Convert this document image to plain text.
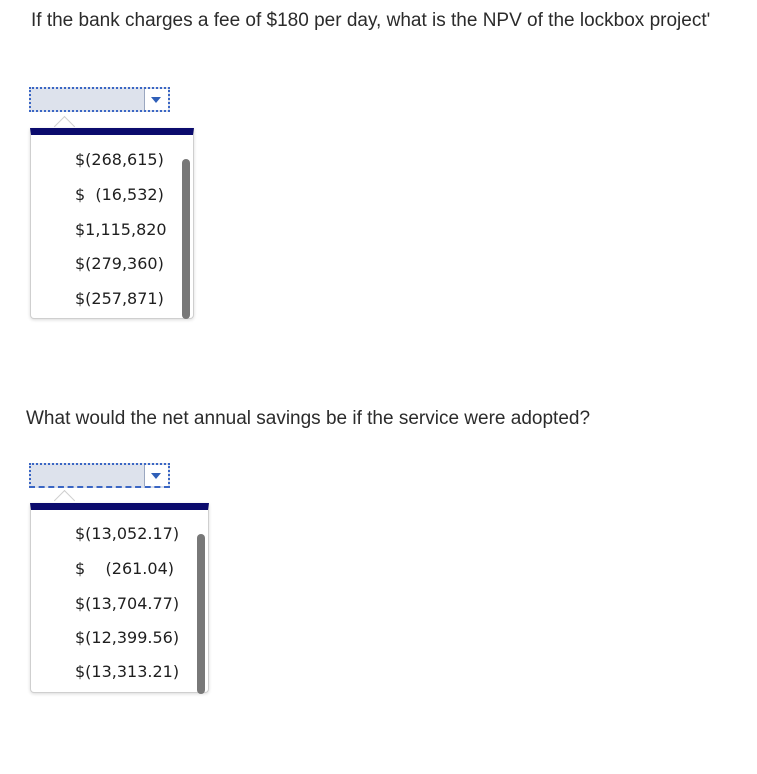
If the bank charges a fee of $180 per day, what is the NPV of the lockbox project'
$(268,615)
$  (16,532)
$1,115,820
$(279,360)
$(257,871)
What would the net annual savings be if the service were adopted?
$(13,052.17)
$    (261.04)
$(13,704.77)
$(12,399.56)
$(13,313.21)
